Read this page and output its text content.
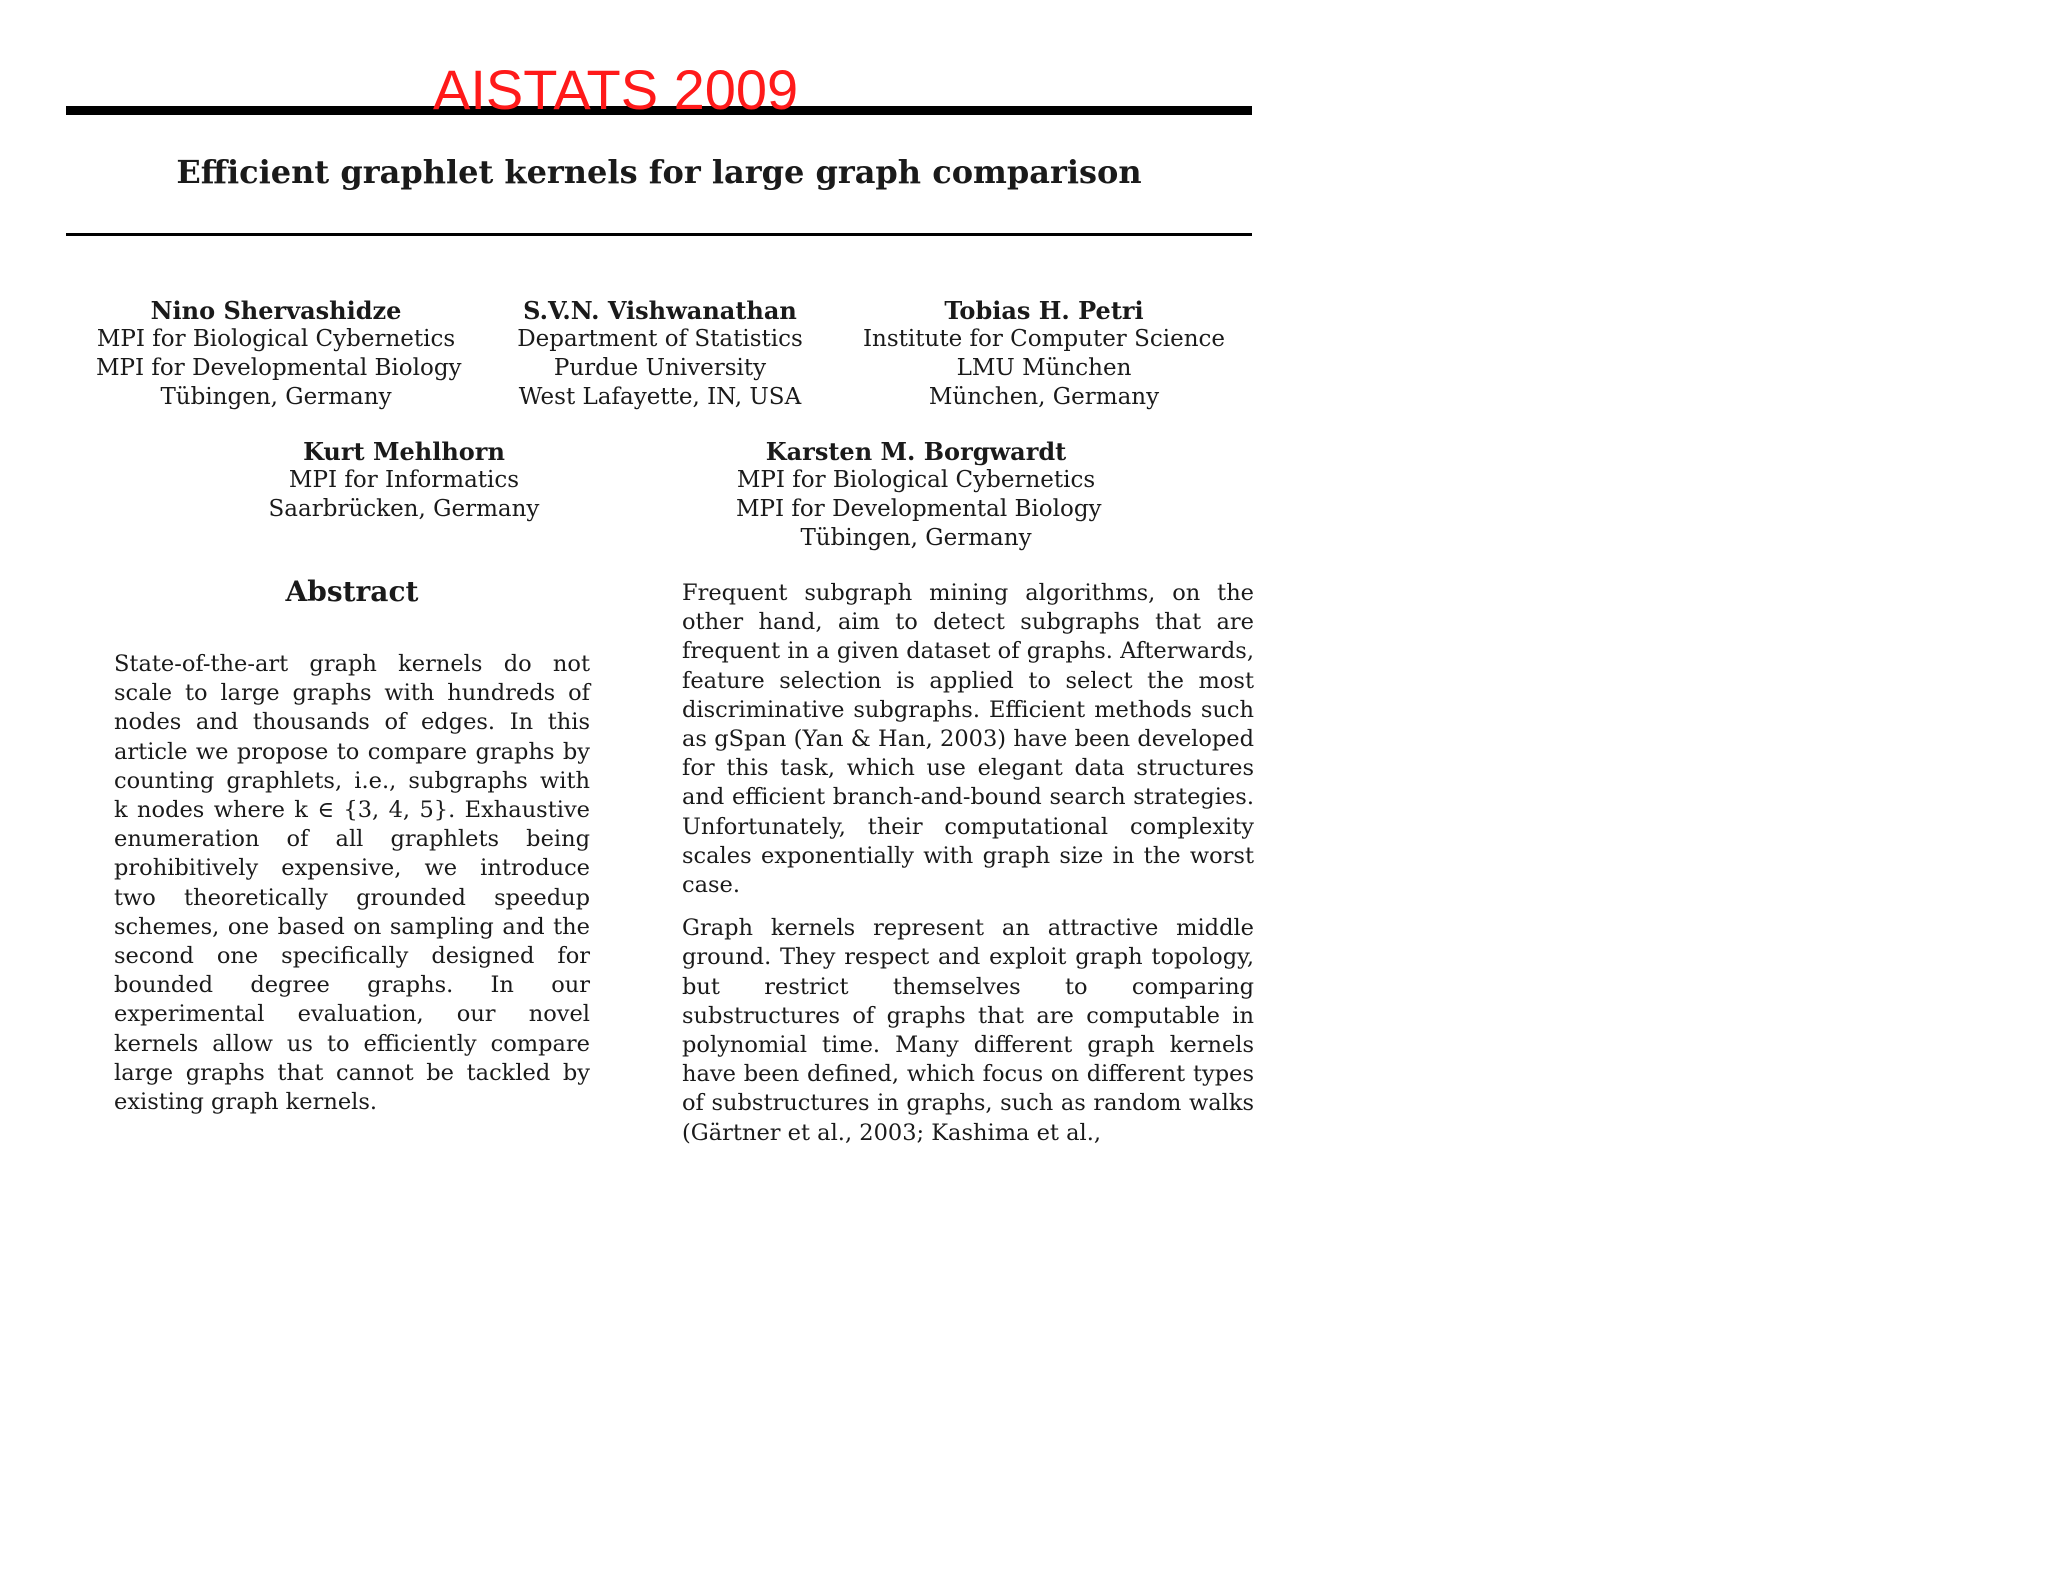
AISTATS 2009
Efficient graphlet kernels for large graph comparison
Nino Shervashidze
MPI for Biological Cybernetics
MPI for Developmental Biology
Tübingen, Germany
S.V.N. Vishwanathan
Department of Statistics
Purdue University
West Lafayette, IN, USA
Tobias H. Petri
Institute for Computer Science
LMU München
München, Germany
Kurt Mehlhorn
MPI for Informatics
Saarbrücken, Germany
Karsten M. Borgwardt
MPI for Biological Cybernetics
MPI for Developmental Biology
Tübingen, Germany
Abstract
State-of-the-art graph kernels do not scale to large graphs with hundreds of nodes and thousands of edges. In this article we propose to compare graphs by counting graphlets, i.e., subgraphs with k nodes where k ∈ {3, 4, 5}. Exhaustive enumeration of all graphlets being prohibitively expensive, we introduce two theoretically grounded speedup schemes, one based on sampling and the second one specifically designed for bounded degree graphs. In our experimental evaluation, our novel kernels allow us to efficiently compare large graphs that cannot be tackled by existing graph kernels.

Frequent subgraph mining algorithms, on the other hand, aim to detect subgraphs that are frequent in a given dataset of graphs. Afterwards, feature selection is applied to select the most discriminative subgraphs. Efficient methods such as gSpan (Yan & Han, 2003) have been developed for this task, which use elegant data structures and efficient branch-and-bound search strategies. Unfortunately, their computational complexity scales exponentially with graph size in the worst case.

Graph kernels represent an attractive middle ground. They respect and exploit graph topology, but restrict themselves to comparing substructures of graphs that are computable in polynomial time. Many different graph kernels have been defined, which focus on different types of substructures in graphs, such as random walks (Gärtner et al., 2003; Kashima et al.,
